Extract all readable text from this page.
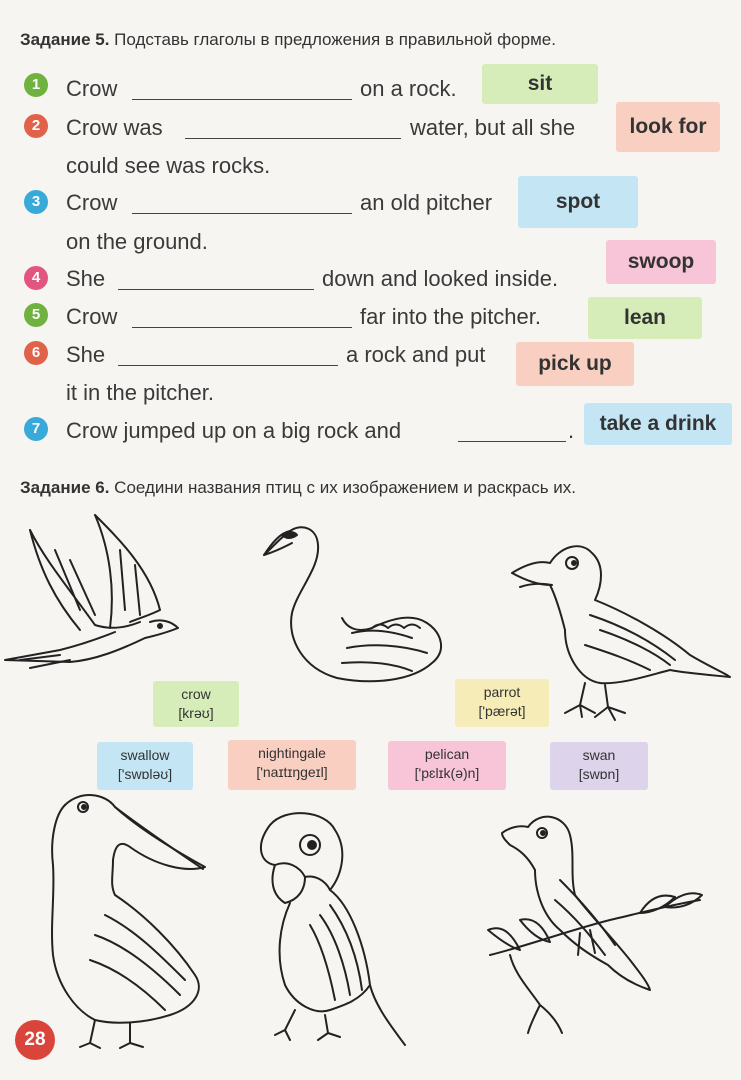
Задание 5. Подставь глаголы в предложения в правильной форме.
1	Crow	on a rock.	sit
2	Crow was	water, but all she
could see was rocks.
look for
3	Crow	an old pitcher
on the ground.
spot
4	She	down and looked inside.
swoop
5	Crow	far into the pitcher.	lean
6	She	a rock and put
it in the pitcher.
pick up
7	Crow jumped up on a big rock and	.	take a drink
Задание 6. Соедини названия птиц с их изображением и раскрась их.
crow
[krəʊ]
parrot
['pærət]
swallow
['swɒləʊ]
nightingale
['naɪtɪŋgeɪl]
pelican
['pɛlɪk(ə)n]
swan
[swɒn]
28
